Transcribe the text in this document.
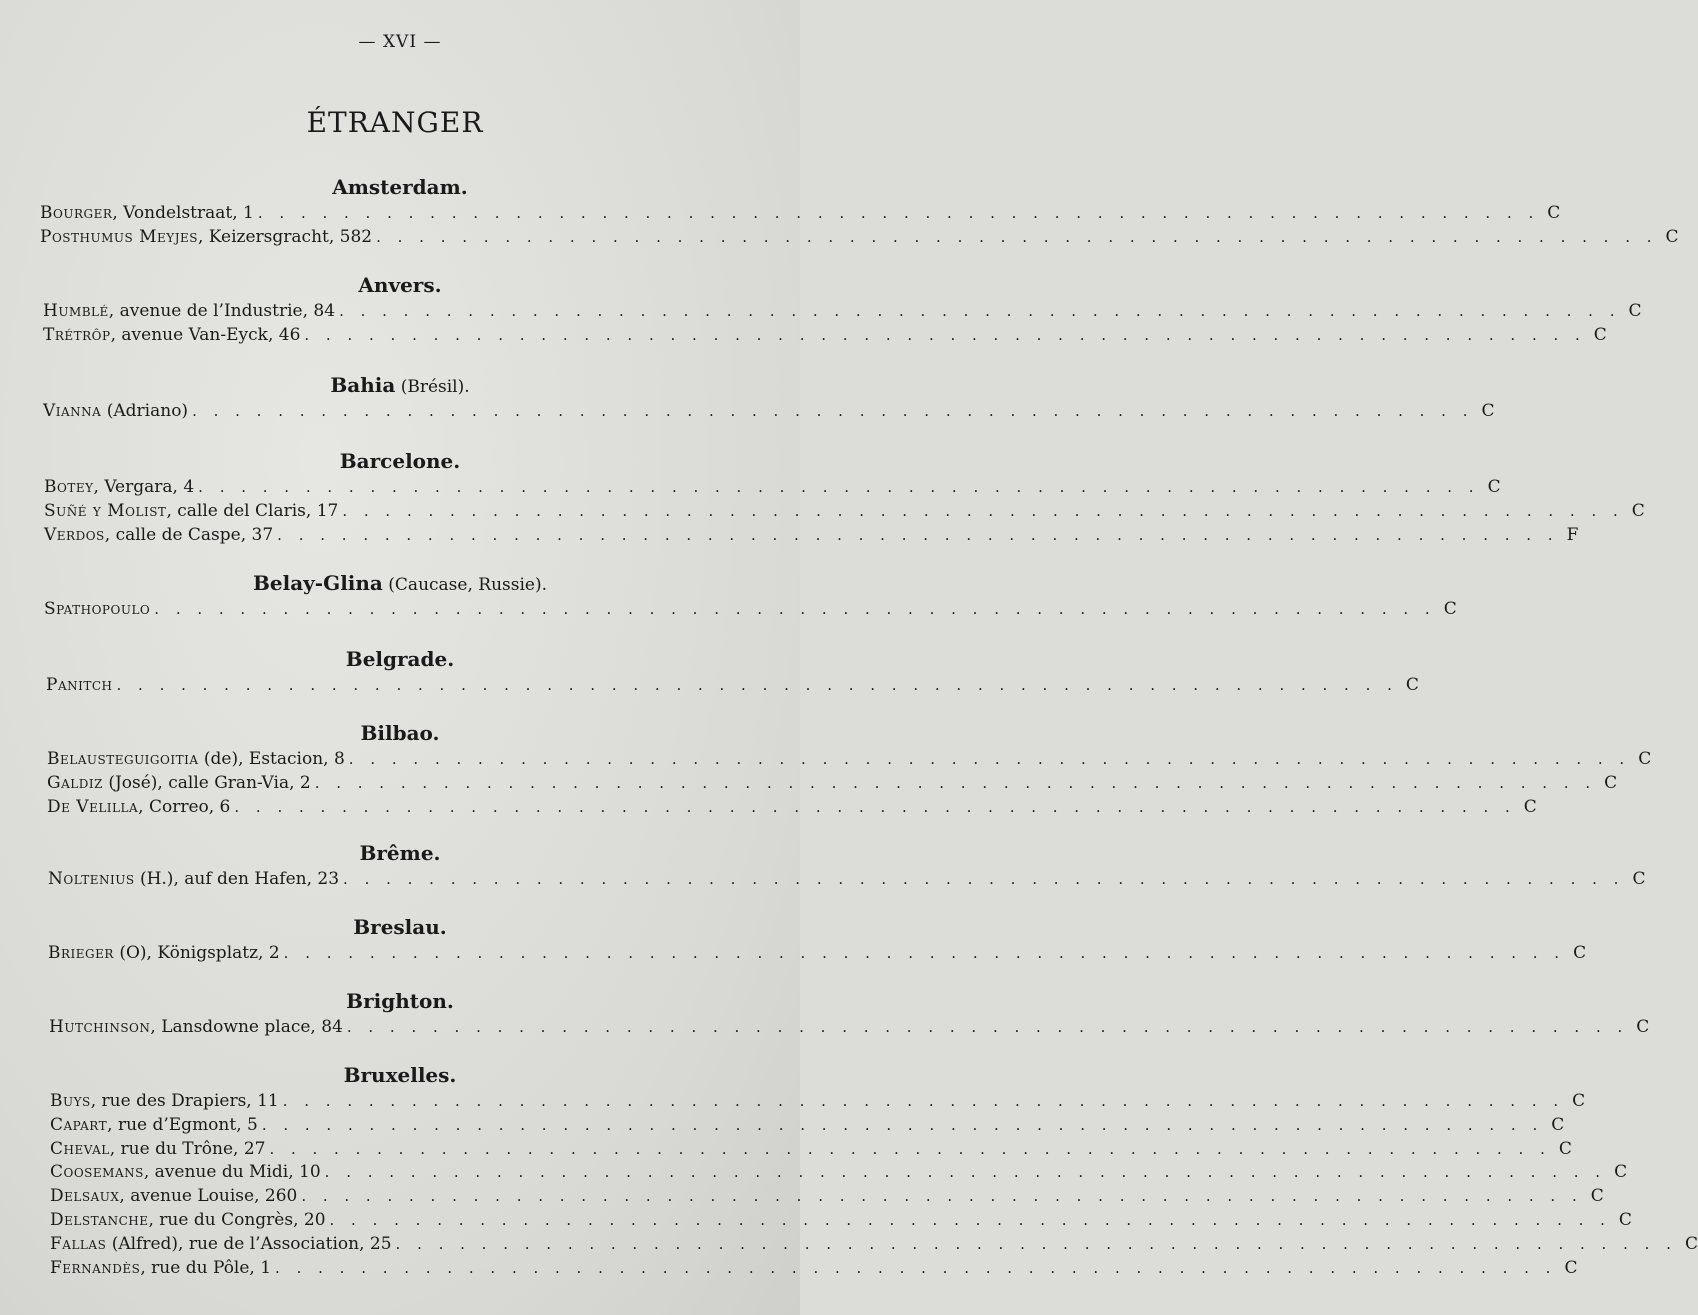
— XVI —
ÉTRANGER
Amsterdam.
Bourger, Vondelstraat, 1 . . . . . . . . . . . . . . . . . . . . . . . . . . . . . . . . . . . . . . . . . . . . . . . . . . . . . . . . . . . . C
Posthumus Meyjes, Keizersgracht, 582 . . . . . . . . . . . . . . . . . . . . . . . . . . . . . . . . . . . . . . . . . . . . . . . . . . . . . . . . . . . . C
Anvers.
Humblé, avenue de l’Industrie, 84 . . . . . . . . . . . . . . . . . . . . . . . . . . . . . . . . . . . . . . . . . . . . . . . . . . . . . . . . . . . . C
Trétrôp, avenue Van-Eyck, 46 . . . . . . . . . . . . . . . . . . . . . . . . . . . . . . . . . . . . . . . . . . . . . . . . . . . . . . . . . . . . C
Bahia (Brésil).
Vianna (Adriano) . . . . . . . . . . . . . . . . . . . . . . . . . . . . . . . . . . . . . . . . . . . . . . . . . . . . . . . . . . . . C
Barcelone.
Botey, Vergara, 4 . . . . . . . . . . . . . . . . . . . . . . . . . . . . . . . . . . . . . . . . . . . . . . . . . . . . . . . . . . . . C
Suñé y Molist, calle del Claris, 17 . . . . . . . . . . . . . . . . . . . . . . . . . . . . . . . . . . . . . . . . . . . . . . . . . . . . . . . . . . . . C
Verdos, calle de Caspe, 37 . . . . . . . . . . . . . . . . . . . . . . . . . . . . . . . . . . . . . . . . . . . . . . . . . . . . . . . . . . . . F
Belay-Glina (Caucase, Russie).
Spathopoulo . . . . . . . . . . . . . . . . . . . . . . . . . . . . . . . . . . . . . . . . . . . . . . . . . . . . . . . . . . . . C
Belgrade.
Panitch . . . . . . . . . . . . . . . . . . . . . . . . . . . . . . . . . . . . . . . . . . . . . . . . . . . . . . . . . . . . C
Bilbao.
Belausteguigoitia (de), Estacion, 8 . . . . . . . . . . . . . . . . . . . . . . . . . . . . . . . . . . . . . . . . . . . . . . . . . . . . . . . . . . . . C
Galdiz (José), calle Gran-Via, 2 . . . . . . . . . . . . . . . . . . . . . . . . . . . . . . . . . . . . . . . . . . . . . . . . . . . . . . . . . . . . C
De Velilla, Correo, 6 . . . . . . . . . . . . . . . . . . . . . . . . . . . . . . . . . . . . . . . . . . . . . . . . . . . . . . . . . . . . C
Brême.
Noltenius (H.), auf den Hafen, 23 . . . . . . . . . . . . . . . . . . . . . . . . . . . . . . . . . . . . . . . . . . . . . . . . . . . . . . . . . . . . C
Breslau.
Brieger (O), Königsplatz, 2 . . . . . . . . . . . . . . . . . . . . . . . . . . . . . . . . . . . . . . . . . . . . . . . . . . . . . . . . . . . . C
Brighton.
Hutchinson, Lansdowne place, 84 . . . . . . . . . . . . . . . . . . . . . . . . . . . . . . . . . . . . . . . . . . . . . . . . . . . . . . . . . . . . C
Bruxelles.
Buys, rue des Drapiers, 11 . . . . . . . . . . . . . . . . . . . . . . . . . . . . . . . . . . . . . . . . . . . . . . . . . . . . . . . . . . . . C
Capart, rue d’Egmont, 5 . . . . . . . . . . . . . . . . . . . . . . . . . . . . . . . . . . . . . . . . . . . . . . . . . . . . . . . . . . . . C
Cheval, rue du Trône, 27 . . . . . . . . . . . . . . . . . . . . . . . . . . . . . . . . . . . . . . . . . . . . . . . . . . . . . . . . . . . . C
Coosemans, avenue du Midi, 10 . . . . . . . . . . . . . . . . . . . . . . . . . . . . . . . . . . . . . . . . . . . . . . . . . . . . . . . . . . . . C
Delsaux, avenue Louise, 260 . . . . . . . . . . . . . . . . . . . . . . . . . . . . . . . . . . . . . . . . . . . . . . . . . . . . . . . . . . . . C
Delstanche, rue du Congrès, 20 . . . . . . . . . . . . . . . . . . . . . . . . . . . . . . . . . . . . . . . . . . . . . . . . . . . . . . . . . . . . C
Fallas (Alfred), rue de l’Association, 25 . . . . . . . . . . . . . . . . . . . . . . . . . . . . . . . . . . . . . . . . . . . . . . . . . . . . . . . . . . . . C
Fernandès, rue du Pôle, 1 . . . . . . . . . . . . . . . . . . . . . . . . . . . . . . . . . . . . . . . . . . . . . . . . . . . . . . . . . . . . C
